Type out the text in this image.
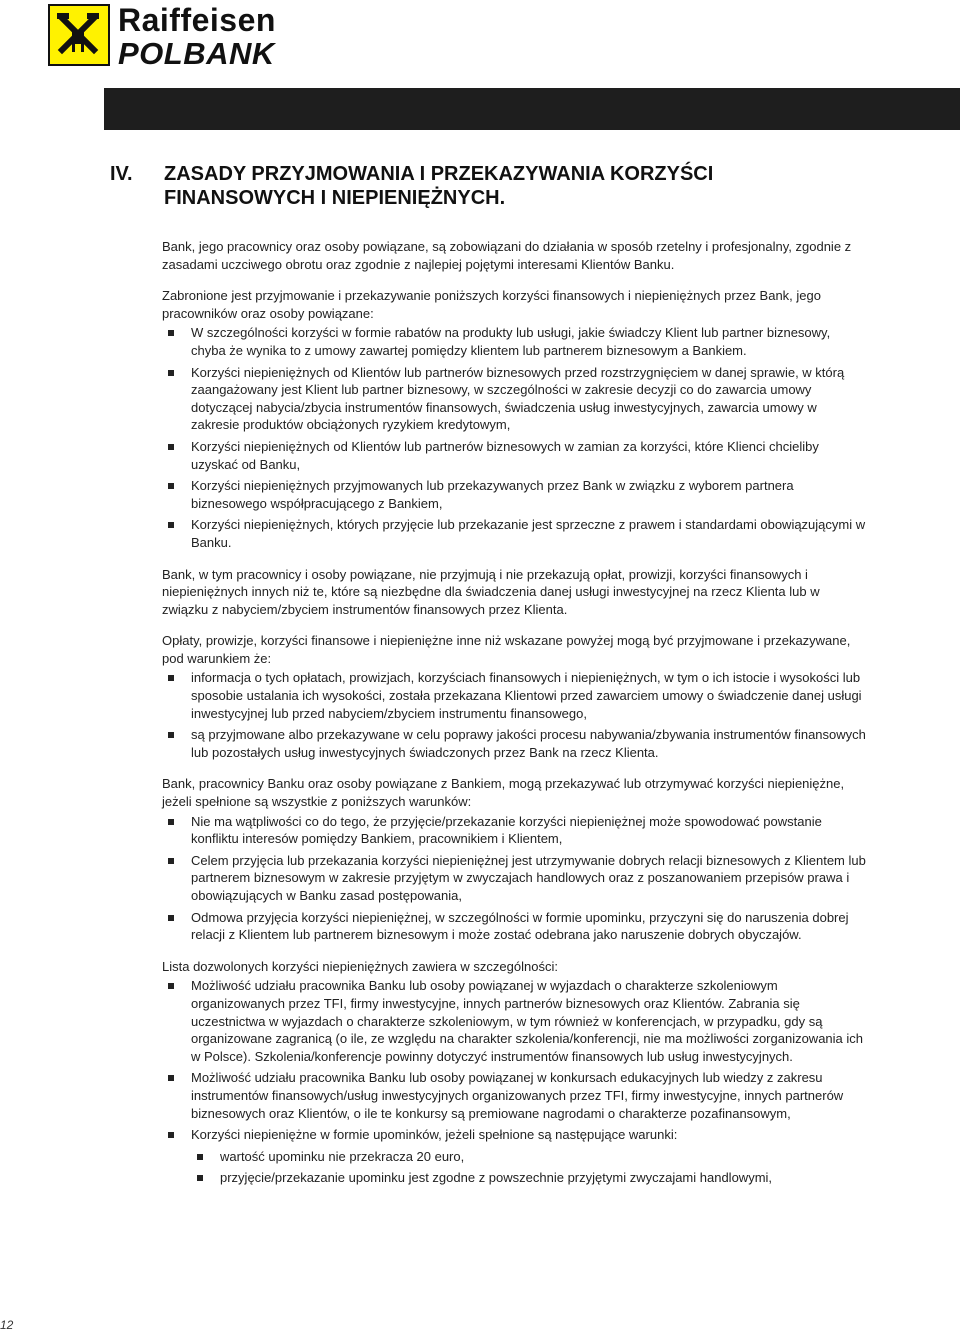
Raiffeisen
POLBANK
IV. ZASADY PRZYJMOWANIA I PRZEKAZYWANIA KORZYŚCI FINANSOWYCH I NIEPIENIĘŻNYCH.

Bank, jego pracownicy oraz osoby powiązane, są zobowiązani do działania w sposób rzetelny i profesjonalny, zgodnie z zasadami uczciwego obrotu oraz zgodnie z najlepiej pojętymi interesami Klientów Banku.

Zabronione jest przyjmowanie i przekazywanie poniższych korzyści finansowych i niepieniężnych przez Bank, jego pracowników oraz osoby powiązane:

W szczególności korzyści w formie rabatów na produkty lub usługi, jakie świadczy Klient lub partner biznesowy, chyba że wynika to z umowy zawartej pomiędzy klientem lub partnerem biznesowym a Bankiem.
Korzyści niepieniężnych od Klientów lub partnerów biznesowych przed rozstrzygnięciem w danej sprawie, w którą zaangażowany jest Klient lub partner biznesowy, w szczególności w zakresie decyzji co do zawarcia umowy dotyczącej nabycia/zbycia instrumentów finansowych, świadczenia usług inwestycyjnych, zawarcia umowy w zakresie produktów obciążonych ryzykiem kredytowym,
Korzyści niepieniężnych od Klientów lub partnerów biznesowych w zamian za korzyści, które Klienci chcieliby uzyskać od Banku,
Korzyści niepieniężnych przyjmowanych lub przekazywanych przez Bank w związku z wyborem partnera biznesowego współpracującego z Bankiem,
Korzyści niepieniężnych, których przyjęcie lub przekazanie jest sprzeczne z prawem i standardami obowiązującymi w Banku.

Bank, w tym pracownicy i osoby powiązane, nie przyjmują i nie przekazują opłat, prowizji, korzyści finansowych i niepieniężnych innych niż te, które są niezbędne dla świadczenia danej usługi inwestycyjnej na rzecz Klienta lub w związku z nabyciem/zbyciem instrumentów finansowych przez Klienta.

Opłaty, prowizje, korzyści finansowe i niepieniężne inne niż wskazane powyżej mogą być przyjmowane i przekazywane, pod warunkiem że:

informacja o tych opłatach, prowizjach, korzyściach finansowych i niepieniężnych, w tym o ich istocie i wysokości lub sposobie ustalania ich wysokości, została przekazana Klientowi przed zawarciem umowy o świadczenie danej usługi inwestycyjnej lub przed nabyciem/zbyciem instrumentu finansowego,
są przyjmowane albo przekazywane w celu poprawy jakości procesu nabywania/zbywania instrumentów finansowych lub pozostałych usług inwestycyjnych świadczonych przez Bank na rzecz Klienta.

Bank, pracownicy Banku oraz osoby powiązane z Bankiem, mogą przekazywać lub otrzymywać korzyści niepieniężne, jeżeli spełnione są wszystkie z poniższych warunków:

Nie ma wątpliwości co do tego, że przyjęcie/przekazanie korzyści niepieniężnej może spowodować powstanie konfliktu interesów pomiędzy Bankiem, pracownikiem i Klientem,
Celem przyjęcia lub przekazania korzyści niepieniężnej jest utrzymywanie dobrych relacji biznesowych z Klientem lub partnerem biznesowym w zakresie przyjętym w zwyczajach handlowych oraz z poszanowaniem przepisów prawa i obowiązujących w Banku zasad postępowania,
Odmowa przyjęcia korzyści niepieniężnej, w szczególności w formie upominku, przyczyni się do naruszenia dobrej relacji z Klientem lub partnerem biznesowym i może zostać odebrana jako naruszenie dobrych obyczajów.

Lista dozwolonych korzyści niepieniężnych zawiera w szczególności:

Możliwość udziału pracownika Banku lub osoby powiązanej w wyjazdach o charakterze szkoleniowym organizowanych przez TFI, firmy inwestycyjne, innych partnerów biznesowych oraz Klientów. Zabrania się uczestnictwa w wyjazdach o charakterze szkoleniowym, w tym również w konferencjach, w przypadku, gdy są organizowane zagranicą (o ile, ze względu na charakter szkolenia/konferencji, nie ma możliwości zorganizowania ich w Polsce). Szkolenia/konferencje powinny dotyczyć instrumentów finansowych lub usług inwestycyjnych.
Możliwość udziału pracownika Banku lub osoby powiązanej w konkursach edukacyjnych lub wiedzy z zakresu instrumentów finansowych/usług inwestycyjnych organizowanych przez TFI, firmy inwestycyjne, innych partnerów biznesowych oraz Klientów, o ile te konkursy są premiowane nagrodami o charakterze pozafinansowym,
Korzyści niepieniężne w formie upominków, jeżeli spełnione są następujące warunki:
wartość upominku nie przekracza 20 euro,
przyjęcie/przekazanie upominku jest zgodne z powszechnie przyjętymi zwyczajami handlowymi,
12
